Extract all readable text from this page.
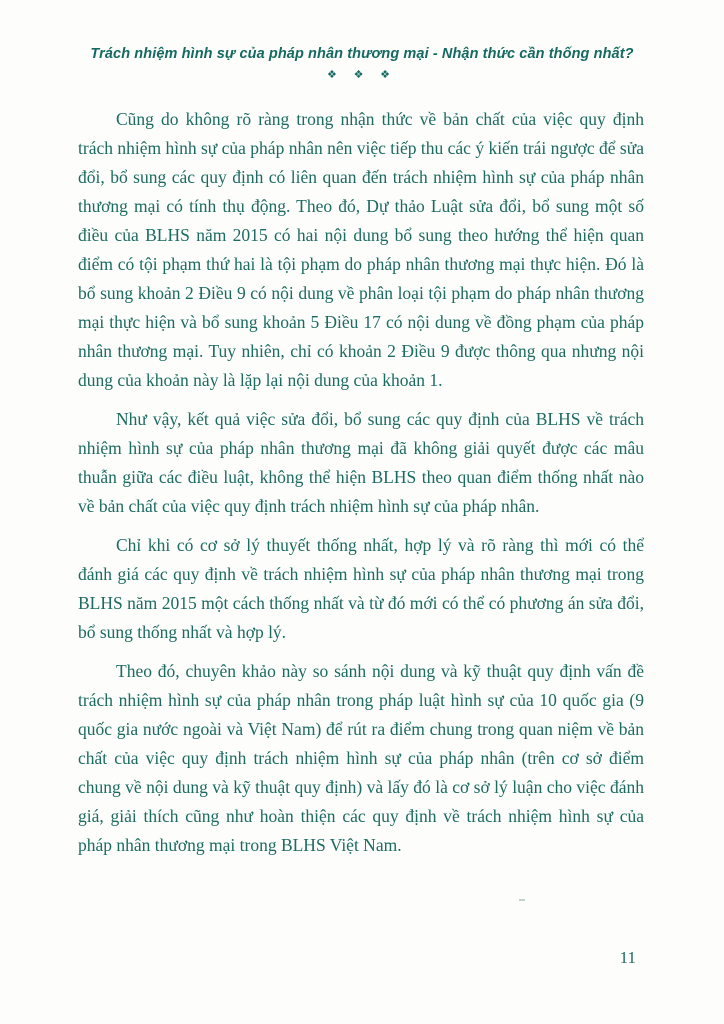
Trách nhiệm hình sự của pháp nhân thương mại - Nhận thức cần thống nhất?
❖ ❖ ❖

Cũng do không rõ ràng trong nhận thức về bản chất của việc quy định trách nhiệm hình sự của pháp nhân nên việc tiếp thu các ý kiến trái ngược để sửa đổi, bổ sung các quy định có liên quan đến trách nhiệm hình sự của pháp nhân thương mại có tính thụ động. Theo đó, Dự thảo Luật sửa đổi, bổ sung một số điều của BLHS năm 2015 có hai nội dung bổ sung theo hướng thể hiện quan điểm có tội phạm thứ hai là tội phạm do pháp nhân thương mại thực hiện. Đó là bổ sung khoản 2 Điều 9 có nội dung về phân loại tội phạm do pháp nhân thương mại thực hiện và bổ sung khoản 5 Điều 17 có nội dung về đồng phạm của pháp nhân thương mại. Tuy nhiên, chỉ có khoản 2 Điều 9 được thông qua nhưng nội dung của khoản này là lặp lại nội dung của khoản 1.

Như vậy, kết quả việc sửa đổi, bổ sung các quy định của BLHS về trách nhiệm hình sự của pháp nhân thương mại đã không giải quyết được các mâu thuẫn giữa các điều luật, không thể hiện BLHS theo quan điểm thống nhất nào về bản chất của việc quy định trách nhiệm hình sự của pháp nhân.

Chỉ khi có cơ sở lý thuyết thống nhất, hợp lý và rõ ràng thì mới có thể đánh giá các quy định về trách nhiệm hình sự của pháp nhân thương mại trong BLHS năm 2015 một cách thống nhất và từ đó mới có thể có phương án sửa đổi, bổ sung thống nhất và hợp lý.

Theo đó, chuyên khảo này so sánh nội dung và kỹ thuật quy định vấn đề trách nhiệm hình sự của pháp nhân trong pháp luật hình sự của 10 quốc gia (9 quốc gia nước ngoài và Việt Nam) để rút ra điểm chung trong quan niệm về bản chất của việc quy định trách nhiệm hình sự của pháp nhân (trên cơ sở điểm chung về nội dung và kỹ thuật quy định) và lấy đó là cơ sở lý luận cho việc đánh giá, giải thích cũng như hoàn thiện các quy định về trách nhiệm hình sự của pháp nhân thương mại trong BLHS Việt Nam.

11
